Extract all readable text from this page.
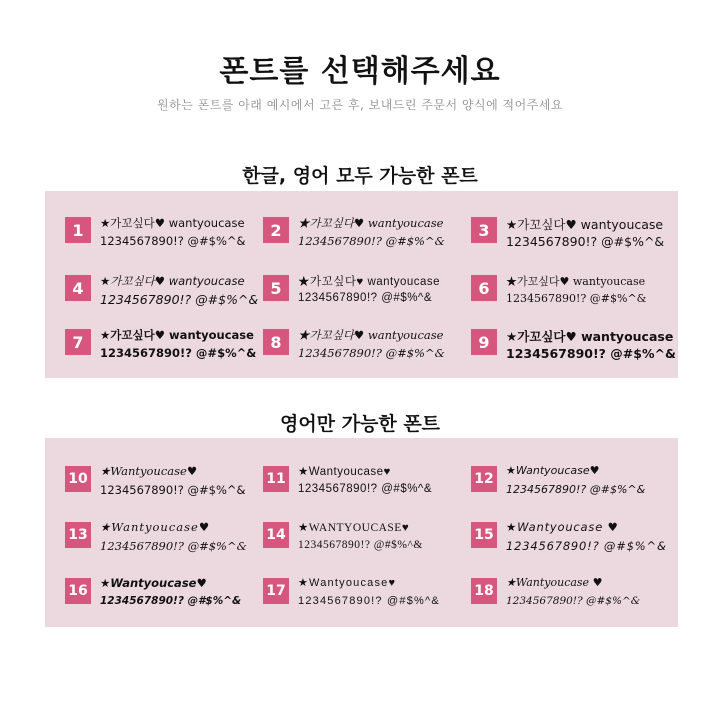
폰트를 선택해주세요
원하는 폰트를 아래 예시에서 고른 후, 보내드린 주문서 양식에 적어주세요
한글, 영어 모두 가능한 폰트
1	★가꼬싶다♥ wantyoucase
1234567890!? @#$%^&
2	★가꼬싶다♥ wantyoucase
1234567890!? @#$%^&
3	★가꼬싶다♥ wantyoucase
1234567890!? @#$%^&
4	★가꼬싶다♥ wantyoucase
1234567890!? @#$%^&
5	★가꼬싶다♥ wantyoucase
1234567890!? @#$%^&
6	★가꼬싶다♥ wantyoucase
1234567890!? @#$%^&
7	★가꼬싶다♥ wantyoucase
1234567890!? @#$%^&
8	★가꼬싶다♥ wantyoucase
1234567890!? @#$%^&
9	★가꼬싶다♥ wantyoucase
1234567890!? @#$%^&
영어만 가능한 폰트
10 ★Wantyoucase♥
1234567890!? @#$%^&
11 ★Wantyoucase♥
1234567890!? @#$%^&
12
★Wantyoucase♥
1234567890!? @#$%^&
13 ★Wantyoucase♥
1234567890!? @#$%^&
14 ★WANTYOUCASE♥
1234567890!? @#$%^&
15 ★Wantyoucase ♥
1234567890!? @#$%^&
16 ★Wantyoucase♥
1234567890!? @#$%^&
17 ★Wantyoucase♥
1234567890!? @#$%^&
18
★Wantyoucase ♥
1234567890!? @#$%^&
